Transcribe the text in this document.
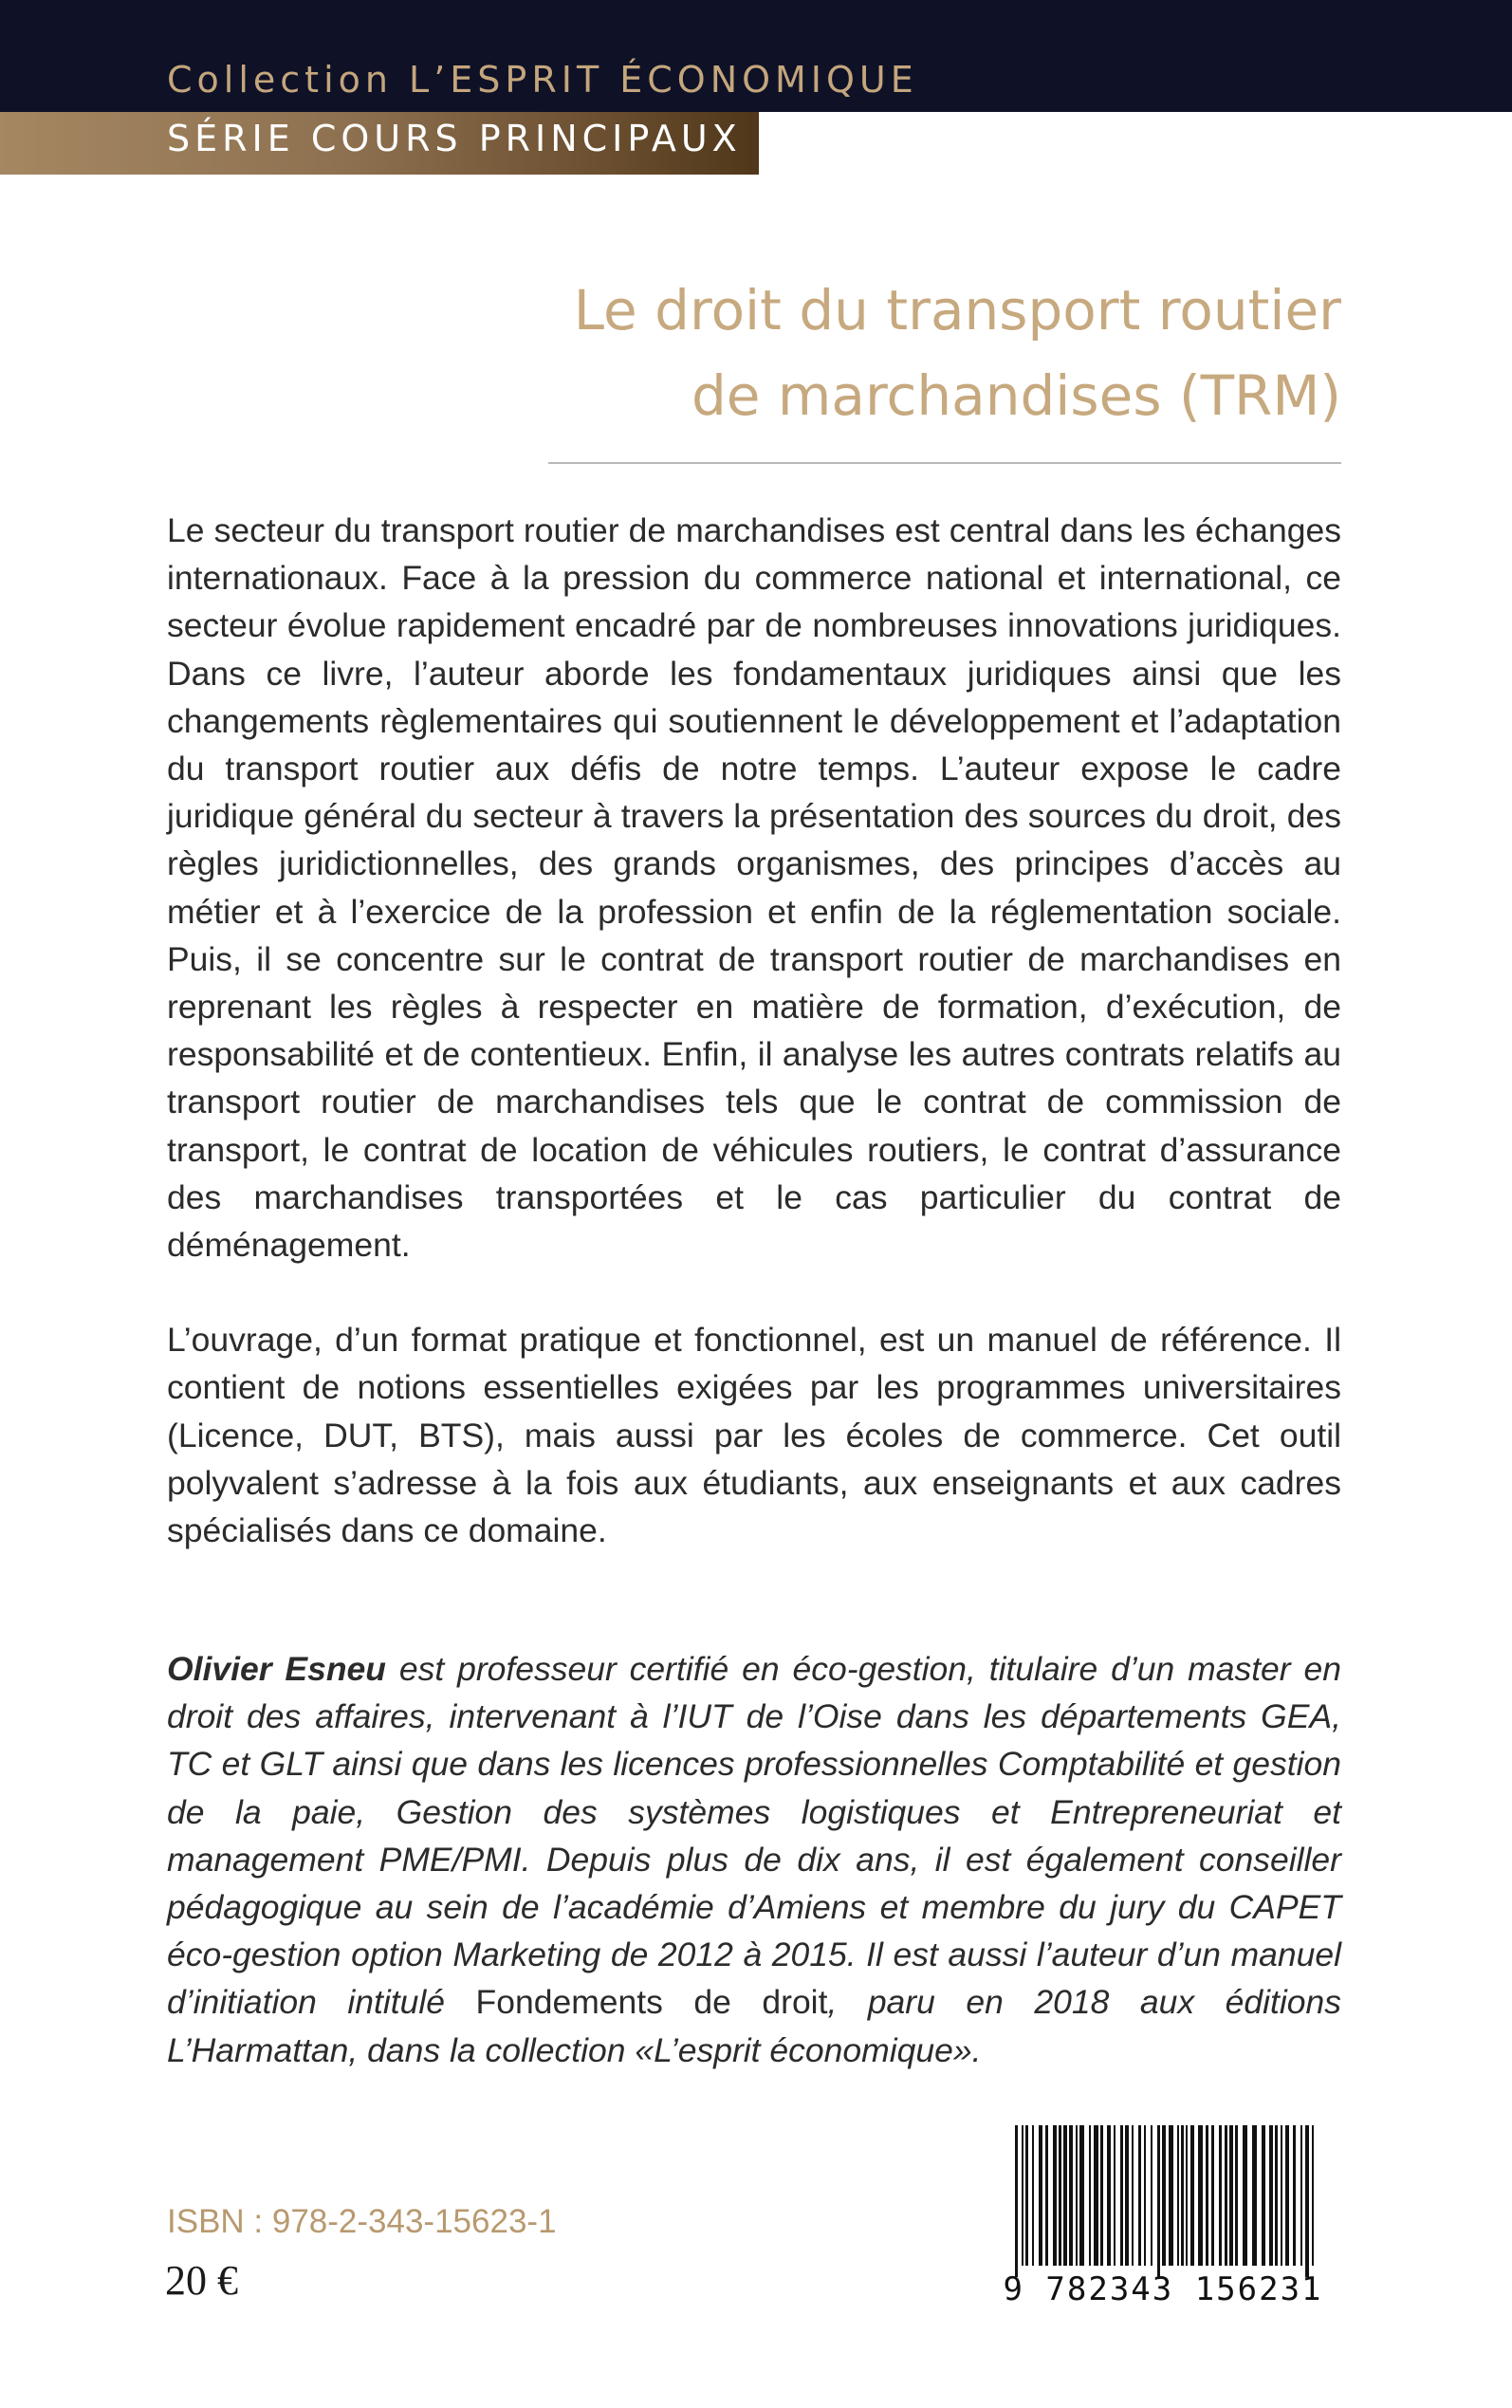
Collection L’ESPRIT ÉCONOMIQUE
SÉRIE COURS PRINCIPAUX
Le droit du transport routier
de marchandises (TRM)

Le secteur du transport routier de marchandises est central dans les échanges internationaux. Face à la pression du commerce national et international, ce secteur évolue rapidement encadré par de nombreuses innovations juridiques. Dans ce livre, l’auteur aborde les fondamentaux juridiques ainsi que les changements règlementaires qui soutiennent le développement et l’adaptation du transport routier aux défis de notre temps. L’auteur expose le cadre juridique général du secteur à travers la présentation des sources du droit, des règles juridictionnelles, des grands organismes, des principes d’accès au métier et à l’exercice de la profession et enfin de la réglementation sociale. Puis, il se concentre sur le contrat de transport routier de marchandises en reprenant les règles à respecter en matière de formation, d’exécution, de responsabilité et de contentieux. Enfin, il analyse les autres contrats relatifs au transport routier de marchandises tels que le contrat de commission de transport, le contrat de location de véhicules routiers, le contrat d’assurance des marchandises transportées et le cas particulier du contrat de déménagement.

L’ouvrage, d’un format pratique et fonctionnel, est un manuel de référence. Il contient de notions essentielles exigées par les programmes universitaires (Licence, DUT, BTS), mais aussi par les écoles de commerce. Cet outil polyvalent s’adresse à la fois aux étudiants, aux enseignants et aux cadres spécialisés dans ce domaine.

Olivier Esneu est professeur certifié en éco-gestion, titulaire d’un master en droit des affaires, intervenant à l’IUT de l’Oise dans les départements GEA, TC et GLT ainsi que dans les licences professionnelles Comptabilité et gestion de la paie, Gestion des systèmes logistiques et Entrepreneuriat et management PME/PMI. Depuis plus de dix ans, il est également conseiller pédagogique au sein de l’académie d’Amiens et membre du jury du CAPET éco-gestion option Marketing de 2012 à 2015. Il est aussi l’auteur d’un manuel d’initiation intitulé Fondements de droit, paru en 2018 aux éditions L’Harmattan, dans la collection «L’esprit économique».

ISBN : 978-2-343-15623-1
20 €	9 782343 156231
